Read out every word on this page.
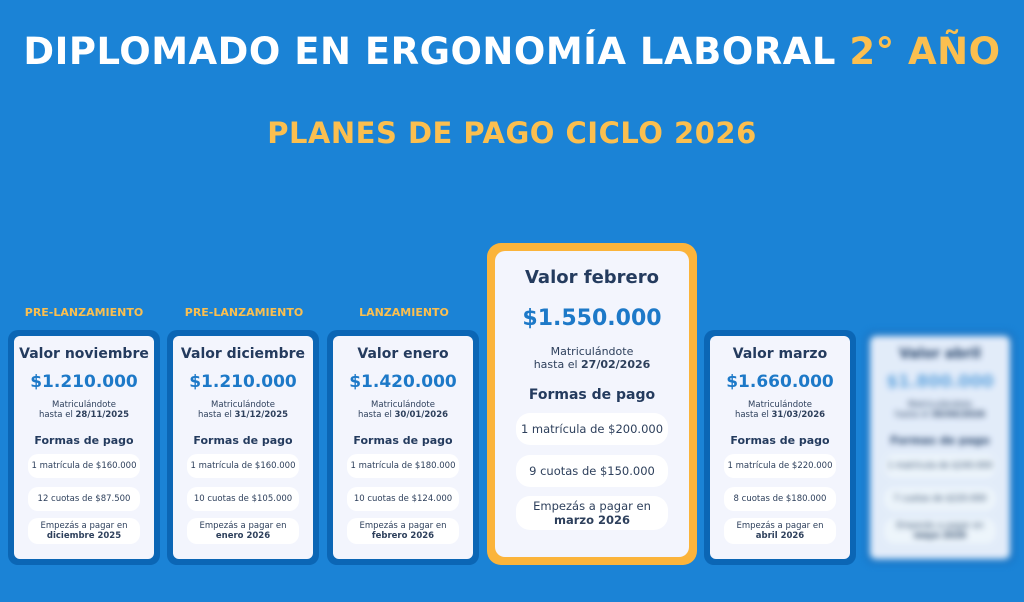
DIPLOMADO EN ERGONOMÍA LABORAL 2° AÑO
PLANES DE PAGO CICLO 2026
PRE-LANZAMIENTO
Valor noviembre
$1.210.000
Matriculándote
hasta el 28/11/2025
Formas de pago
1 matrícula de $160.000
12 cuotas de $87.500
Empezás a pagar en
diciembre 2025
PRE-LANZAMIENTO
Valor diciembre
$1.210.000
Matriculándote
hasta el 31/12/2025
Formas de pago
1 matrícula de $160.000
10 cuotas de $105.000
Empezás a pagar en
enero 2026
LANZAMIENTO
Valor enero
$1.420.000
Matriculándote
hasta el 30/01/2026
Formas de pago
1 matrícula de $180.000
10 cuotas de $124.000
Empezás a pagar en
febrero 2026
Valor febrero
$1.550.000
Matriculándote
hasta el 27/02/2026
Formas de pago
1 matrícula de $200.000
9 cuotas de $150.000
Empezás a pagar en
marzo 2026
Valor marzo
$1.660.000
Matriculándote
hasta el 31/03/2026
Formas de pago
1 matrícula de $220.000
8 cuotas de $180.000
Empezás a pagar en
abril 2026
Valor abril
$1.800.000
Matriculándote
hasta el 30/04/2026
Formas de pago
1 matrícula de $240.000
7 cuotas de $220.000
Empezás a pagar en
mayo 2026
